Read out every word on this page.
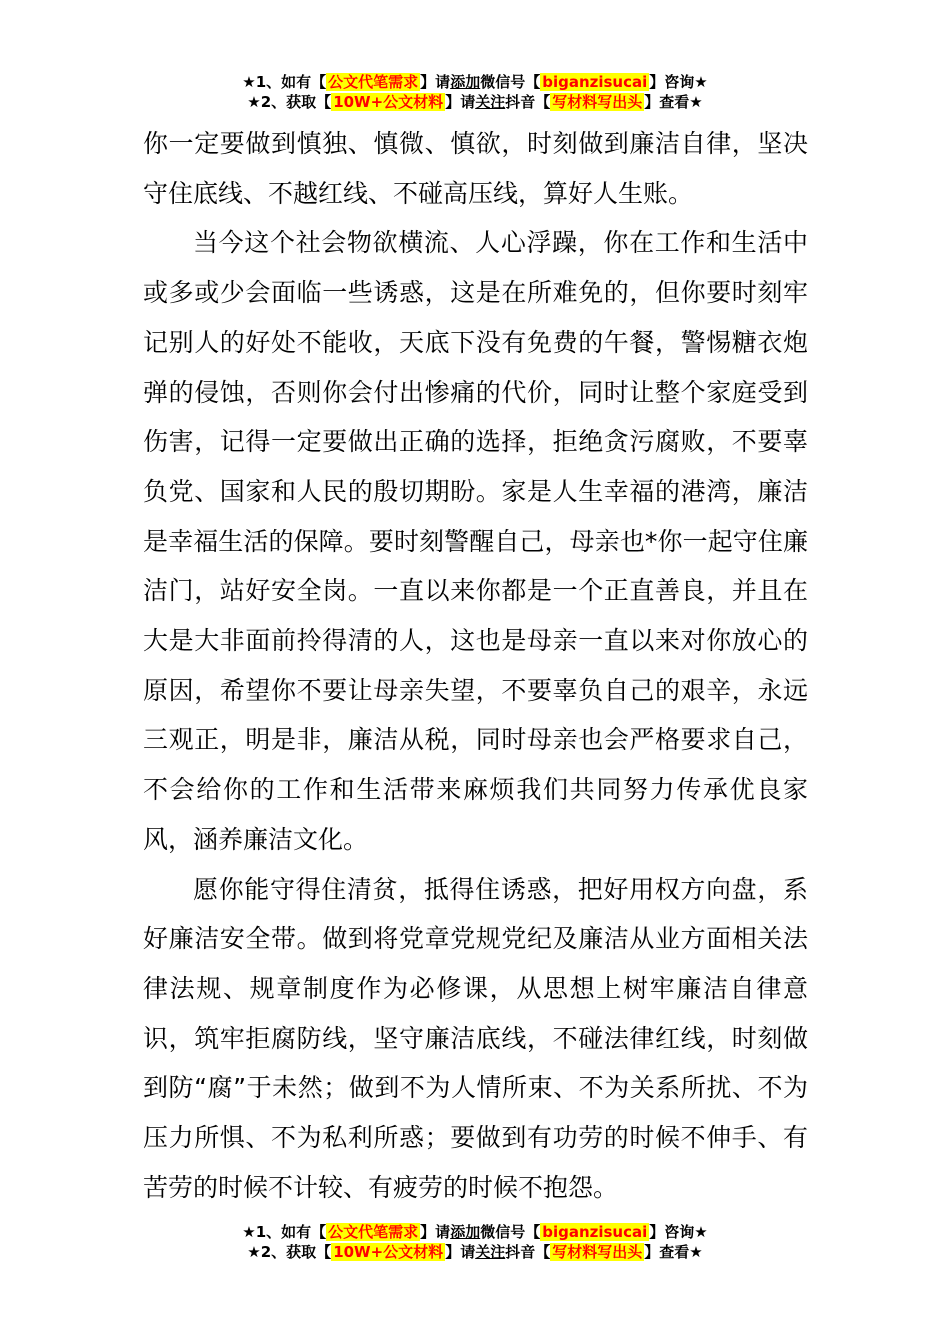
★1、如有【 公文代笔需求 】请添加微信号【 biganzisucai 】咨询★
★2、获取【 10W+公文材料 】请关注抖音【 写材料写出头 】查看★

你一定要做到慎独、慎微、慎欲，时刻做到廉洁自律，坚决守住底线、不越红线、不碰高压线，算好人生账。

当今这个社会物欲横流、人心浮躁，你在工作和生活中或多或少会面临一些诱惑，这是在所难免的，但你要时刻牢记别人的好处不能收，天底下没有免费的午餐，警惕糖衣炮弹的侵蚀，否则你会付出惨痛的代价，同时让整个家庭受到伤害，记得一定要做出正确的选择，拒绝贪污腐败，不要辜负党、国家和人民的殷切期盼。家是人生幸福的港湾，廉洁是幸福生活的保障。要时刻警醒自己，母亲也*你一起守住廉洁门，站好安全岗。一直以来你都是一个正直善良，并且在大是大非面前拎得清的人，这也是母亲一直以来对你放心的原因，希望你不要让母亲失望，不要辜负自己的艰辛，永远三观正，明是非，廉洁从税，同时母亲也会严格要求自己，不会给你的工作和生活带来麻烦我们共同努力传承优良家风，涵养廉洁文化。

愿你能守得住清贫，抵得住诱惑，把好用权方向盘，系好廉洁安全带。做到将党章党规党纪及廉洁从业方面相关法律法规、规章制度作为必修课，从思想上树牢廉洁自律意识，筑牢拒腐防线，坚守廉洁底线，不碰法律红线，时刻做到防“腐”于未然；做到不为人情所束、不为关系所扰、不为压力所惧、不为私利所惑；要做到有功劳的时候不伸手、有苦劳的时候不计较、有疲劳的时候不抱怨。

★1、如有【 公文代笔需求 】请添加微信号【 biganzisucai 】咨询★
★2、获取【 10W+公文材料 】请关注抖音【 写材料写出头 】查看★
